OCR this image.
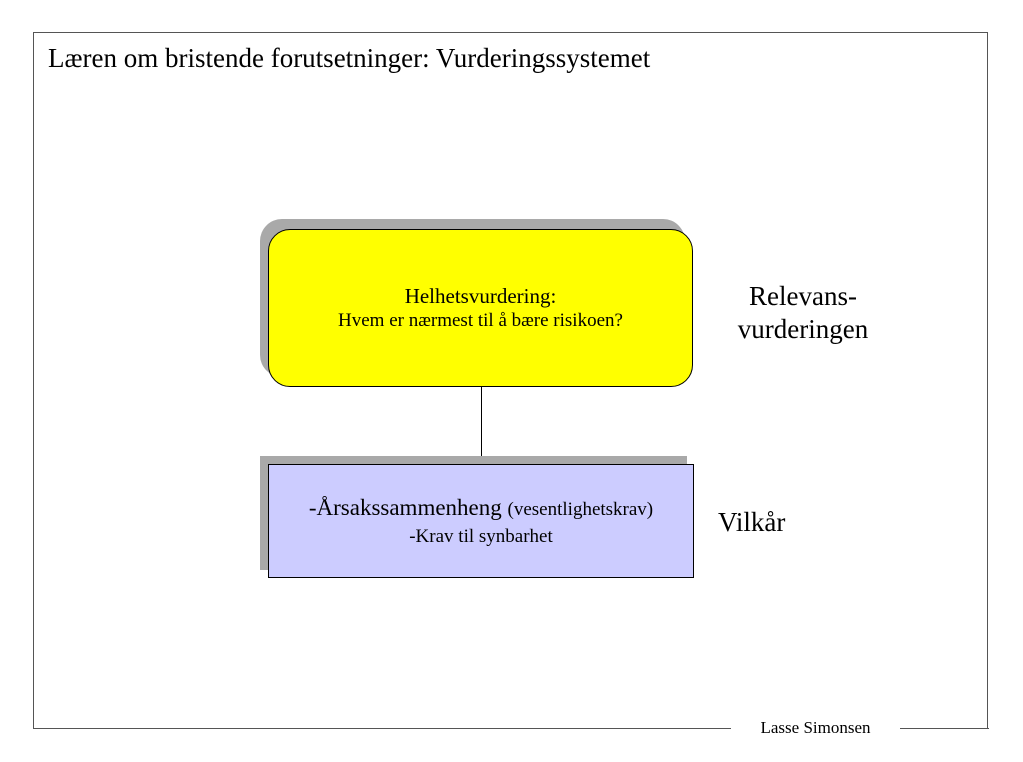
Læren om bristende forutsetninger: Vurderingssystemet
Helhetsvurdering:
Hvem er nærmest til å bære risikoen?
-Årsakssammenheng (vesentlighetskrav)
-Krav til synbarhet
Relevans-
vurderingen
Vilkår
Lasse Simonsen
